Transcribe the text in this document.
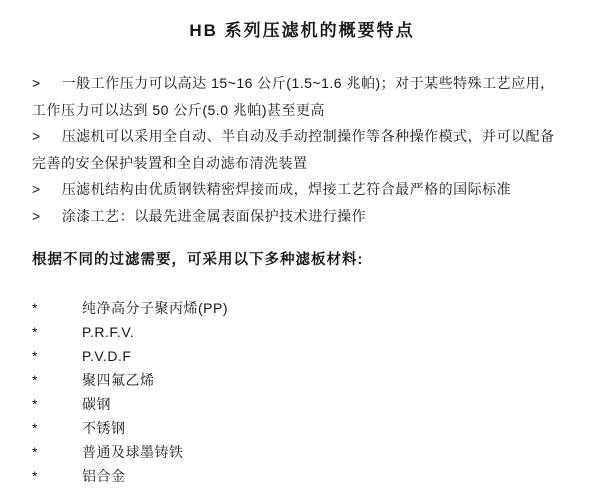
HB 系列压滤机的概要特点
> 一般工作压力可以高达 15~16 公斤(1.5~1.6 兆帕)；对于某些特殊工艺应用，工作压力可以达到 50 公斤(5.0 兆帕)甚至更高
> 压滤机可以采用全自动、半自动及手动控制操作等各种操作模式，并可以配备完善的安全保护装置和全自动滤布清洗装置
> 压滤机结构由优质钢铁精密焊接而成，焊接工艺符合最严格的国际标准
> 涂漆工艺：以最先进金属表面保护技术进行操作
根据不同的过滤需要，可采用以下多种滤板材料:
*	纯净高分子聚丙烯(PP)
*	P.R.F.V.
*	P.V.D.F
*	聚四氟乙烯
*	碳钢
*	不锈钢
*	普通及球墨铸铁
*	铝合金
